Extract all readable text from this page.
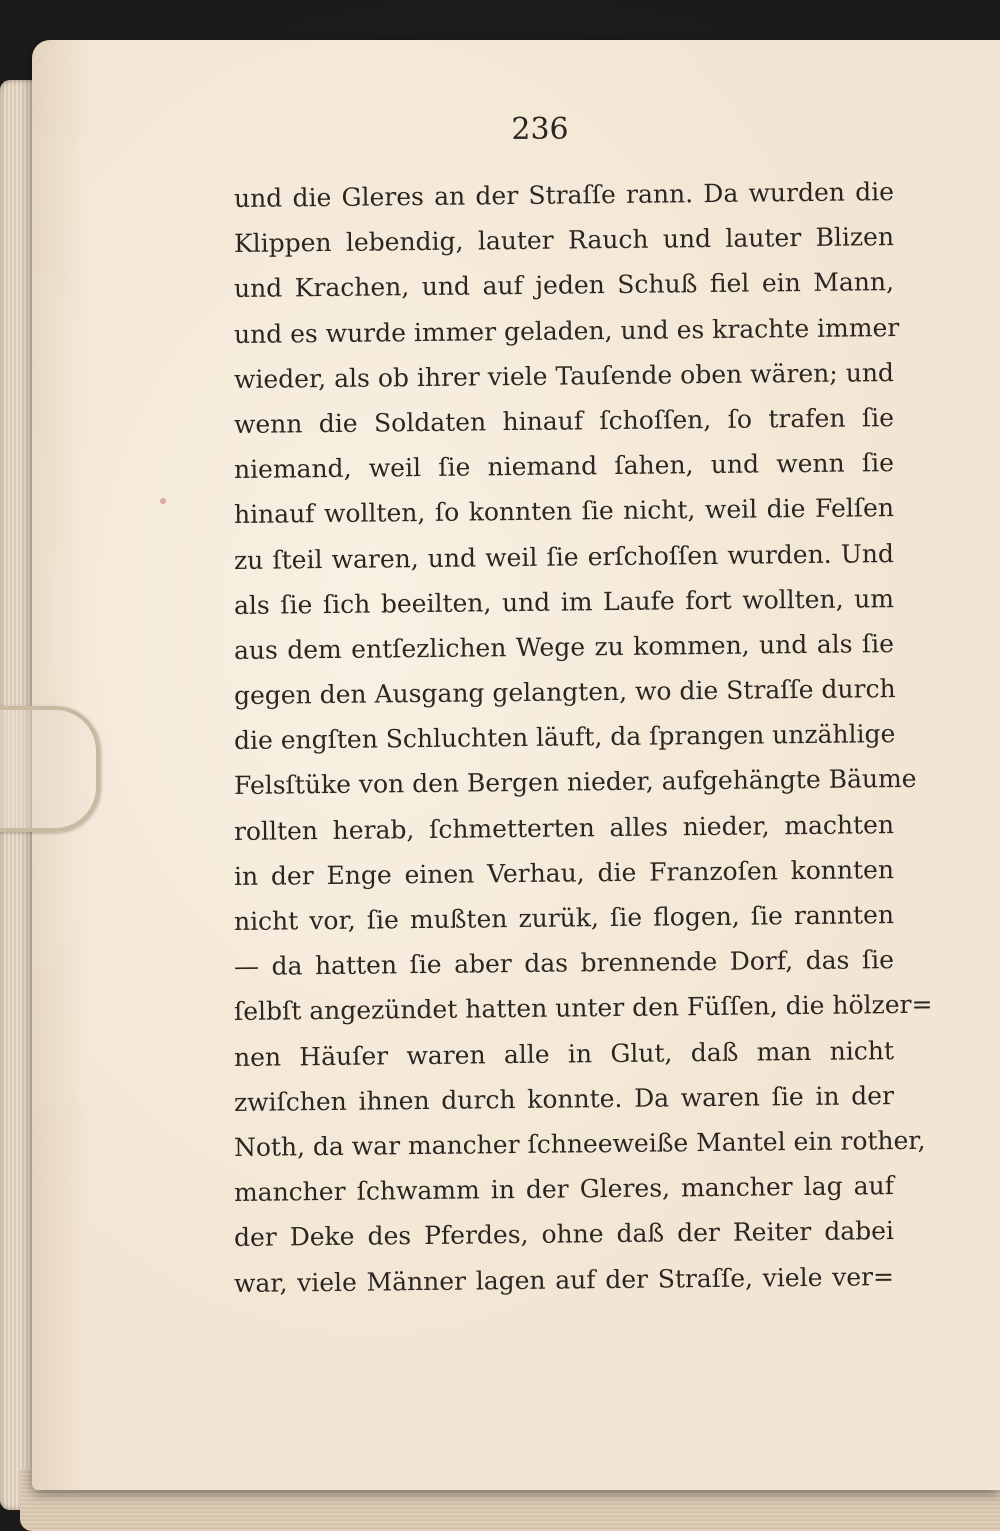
236
und die Gleres an der Straſſe rann. Da wurden die
Klippen lebendig, lauter Rauch und lauter Blizen
und Krachen, und auf jeden Schuß fiel ein Mann,
und es wurde immer geladen, und es krachte immer
wieder, als ob ihrer viele Tauſende oben wären; und
wenn die Soldaten hinauf ſchoſſen, ſo trafen ſie
niemand, weil ſie niemand ſahen, und wenn ſie
hinauf wollten, ſo konnten ſie nicht, weil die Felſen
zu ſteil waren, und weil ſie erſchoſſen wurden. Und
als ſie ſich beeilten, und im Laufe fort wollten, um
aus dem entſezlichen Wege zu kommen, und als ſie
gegen den Ausgang gelangten, wo die Straſſe durch
die engſten Schluchten läuft, da ſprangen unzählige
Felsſtüke von den Bergen nieder, aufgehängte Bäume
rollten herab, ſchmetterten alles nieder, machten
in der Enge einen Verhau, die Franzoſen konnten
nicht vor, ſie mußten zurük, ſie flogen, ſie rannten
— da hatten ſie aber das brennende Dorf, das ſie
ſelbſt angezündet hatten unter den Füſſen, die hölzer=
nen Häuſer waren alle in Glut, daß man nicht
zwiſchen ihnen durch konnte. Da waren ſie in der
Noth, da war mancher ſchneeweiße Mantel ein rother,
mancher ſchwamm in der Gleres, mancher lag auf
der Deke des Pferdes, ohne daß der Reiter dabei
war, viele Männer lagen auf der Straſſe, viele ver=
